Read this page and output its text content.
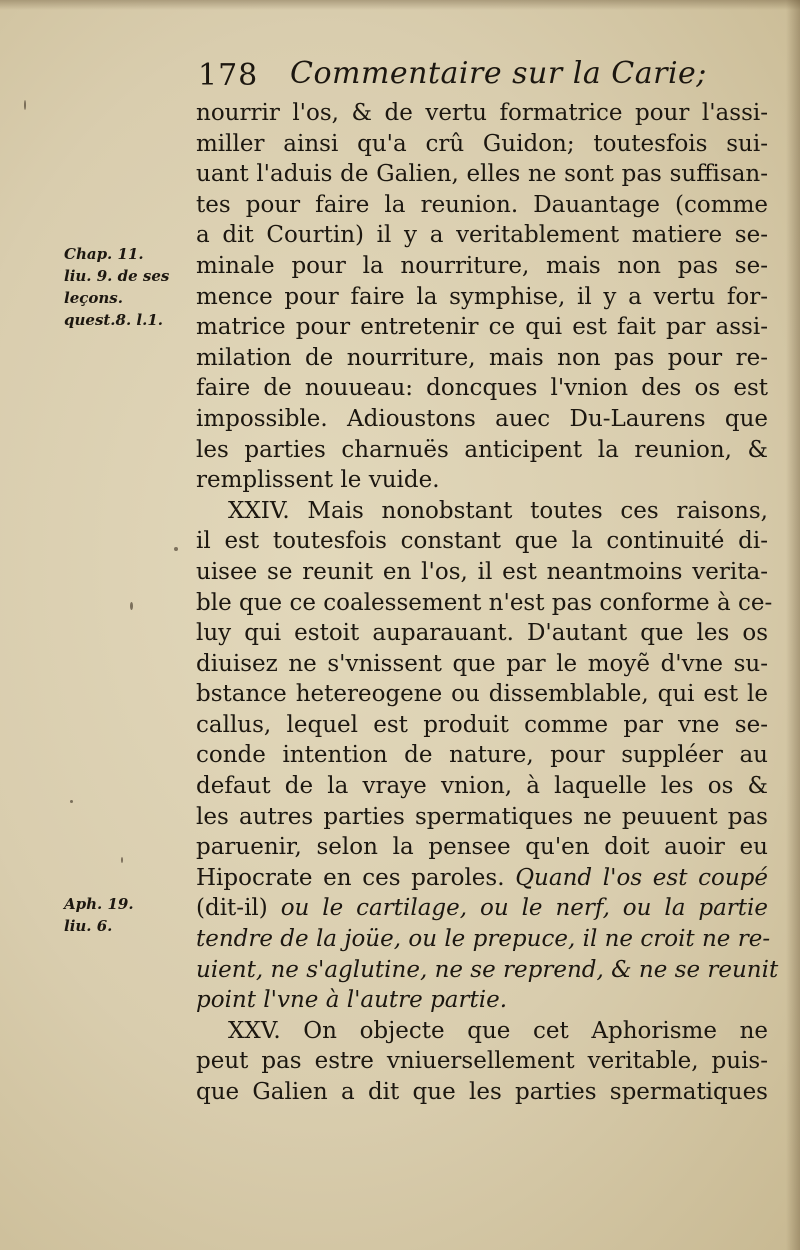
178 Commentaire sur la Carie;
Chap. 11.
liu. 9. de ses
leçons.
quest.8. l.1.
Aph. 19.
liu. 6.
nourrir l'os, & de vertu formatrice pour l'assi-
miller ainsi qu'a crû Guidon; toutesfois sui-
uant l'aduis de Galien, elles ne sont pas suffisan-
tes pour faire la reunion. Dauantage (comme
a dit Courtin) il y a veritablement matiere se-
minale pour la nourriture, mais non pas se-
mence pour faire la symphise, il y a vertu for-
matrice pour entretenir ce qui est fait par assi-
milation de nourriture, mais non pas pour re-
faire de nouueau: doncques l'vnion des os est
impossible. Adioustons auec Du-Laurens que
les parties charnuës anticipent la reunion, &
remplissent le vuide.
XXIV. Mais nonobstant toutes ces raisons,
il est toutesfois constant que la continuité di-
uisee se reunit en l'os, il est neantmoins verita-
ble que ce coalessement n'est pas conforme à ce-
luy qui estoit auparauant. D'autant que les os
diuisez ne s'vnissent que par le moyẽ d'vne su-
bstance hetereogene ou dissemblable, qui est le
callus, lequel est produit comme par vne se-
conde intention de nature, pour suppléer au
defaut de la vraye vnion, à laquelle les os &
les autres parties spermatiques ne peuuent pas
paruenir, selon la pensee qu'en doit auoir eu
Hipocrate en ces paroles. Quand l'os est coupé
(dit-il) ou le cartilage, ou le nerf, ou la partie
tendre de la joüe, ou le prepuce, il ne croit ne re-
uient, ne s'aglutine, ne se reprend, & ne se reunit
point l'vne à l'autre partie.
XXV. On objecte que cet Aphorisme ne
peut pas estre vniuersellement veritable, puis-
que Galien a dit que les parties spermatiques
